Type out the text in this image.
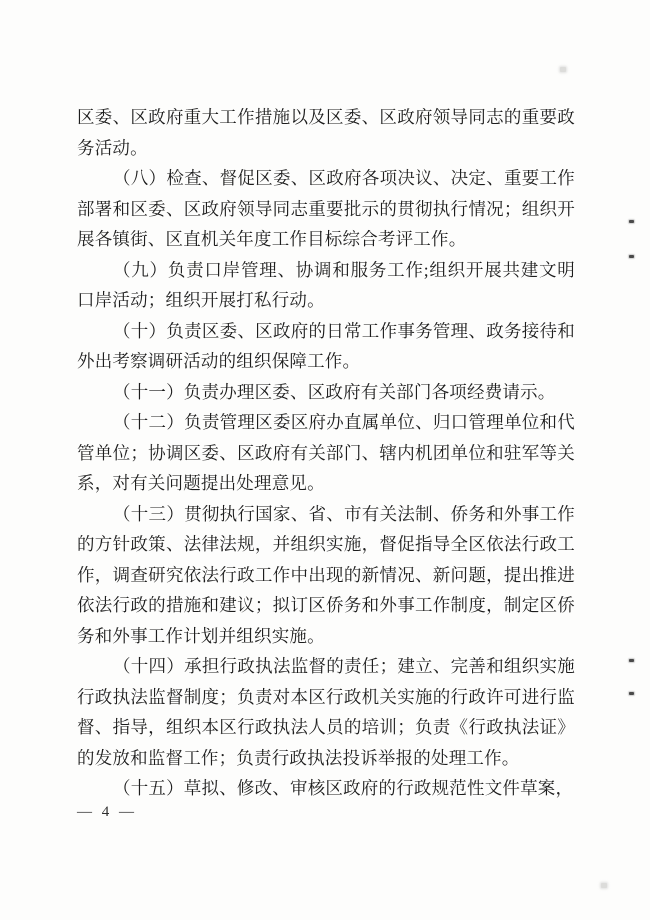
区委、区政府重大工作措施以及区委、区政府领导同志的重要政务活动。

（八）检查、督促区委、区政府各项决议、决定、重要工作部署和区委、区政府领导同志重要批示的贯彻执行情况；组织开展各镇街、区直机关年度工作目标综合考评工作。

（九）负责口岸管理、协调和服务工作;组织开展共建文明口岸活动；组织开展打私行动。

（十）负责区委、区政府的日常工作事务管理、政务接待和外出考察调研活动的组织保障工作。

（十一）负责办理区委、区政府有关部门各项经费请示。

（十二）负责管理区委区府办直属单位、归口管理单位和代管单位；协调区委、区政府有关部门、辖内机团单位和驻军等关系，对有关问题提出处理意见。

（十三）贯彻执行国家、省、市有关法制、侨务和外事工作的方针政策、法律法规，并组织实施，督促指导全区依法行政工作，调查研究依法行政工作中出现的新情况、新问题，提出推进依法行政的措施和建议；拟订区侨务和外事工作制度，制定区侨务和外事工作计划并组织实施。

（十四）承担行政执法监督的责任；建立、完善和组织实施行政执法监督制度；负责对本区行政机关实施的行政许可进行监督、指导，组织本区行政执法人员的培训；负责《行政执法证》的发放和监督工作；负责行政执法投诉举报的处理工作。

（十五）草拟、修改、审核区政府的行政规范性文件草案，

— 4 —
